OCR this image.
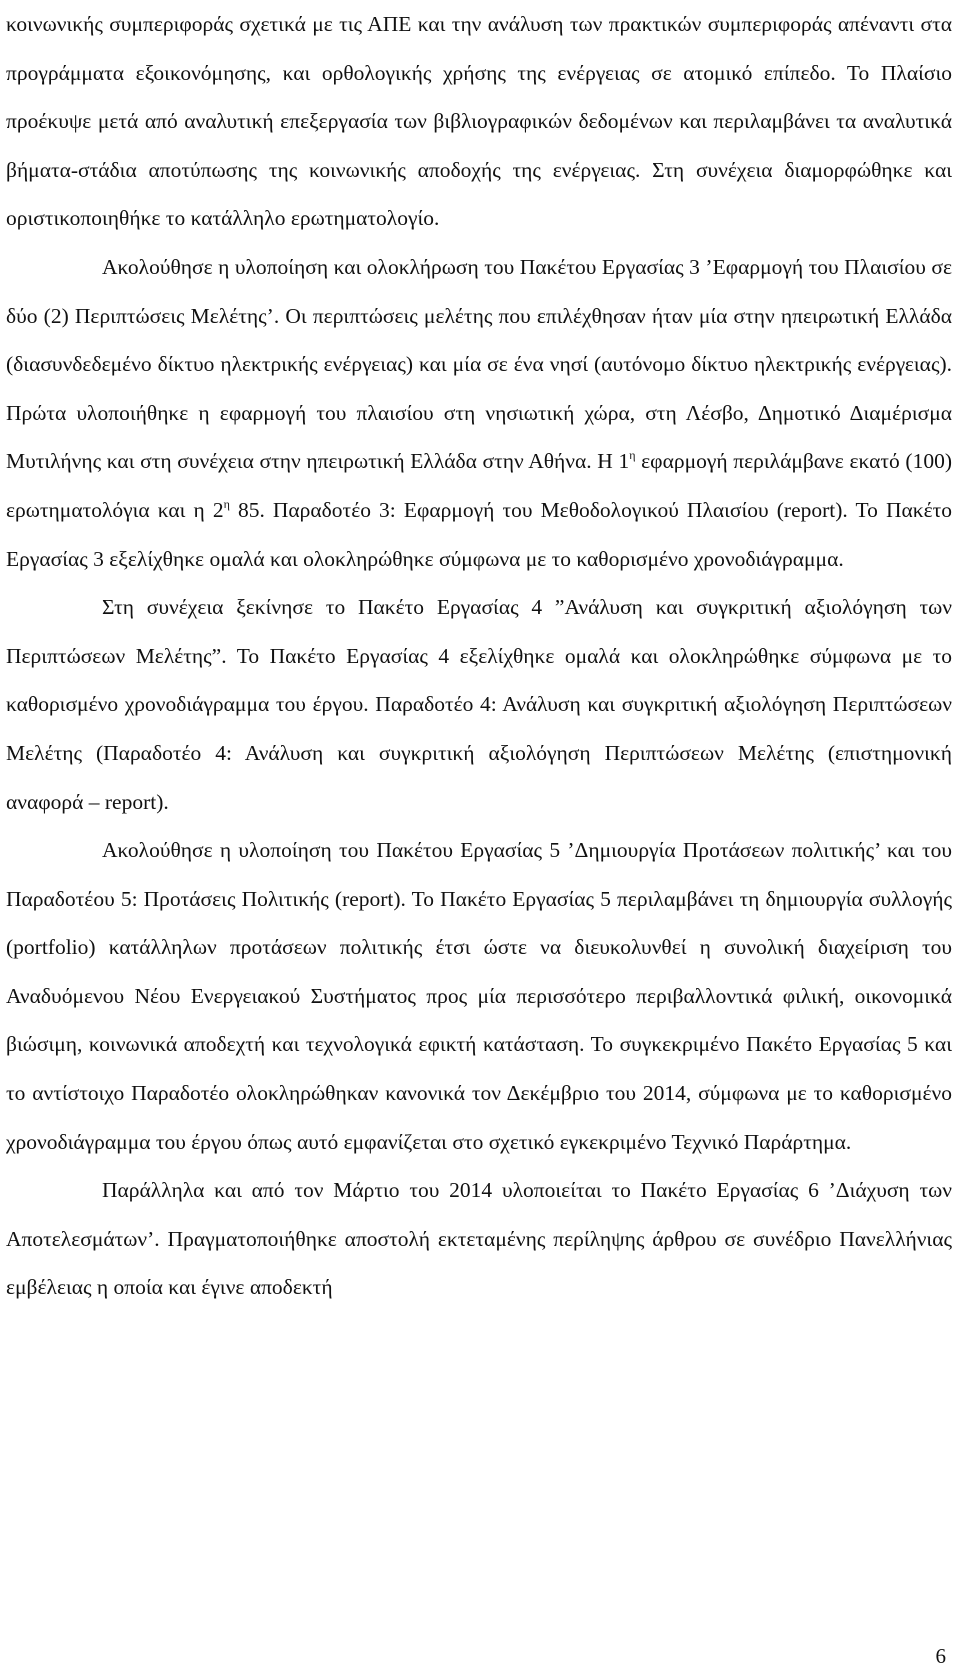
κοινωνικής συμπεριφοράς σχετικά με τις ΑΠΕ και την ανάλυση των πρακτικών συμπεριφοράς απέναντι στα προγράμματα εξοικονόμησης, και ορθολογικής χρήσης της ενέργειας σε ατομικό επίπεδο. Το Πλαίσιο προέκυψε μετά από αναλυτική επεξεργασία των βιβλιογραφικών δεδομένων και περιλαμβάνει τα αναλυτικά βήματα-στάδια αποτύπωσης της κοινωνικής αποδοχής της ενέργειας. Στη συνέχεια διαμορφώθηκε και οριστικοποιηθήκε το κατάλληλο ερωτηματολογίο.

Ακολούθησε η υλοποίηση και ολοκλήρωση του Πακέτου Εργασίας 3 ’Εφαρμογή του Πλαισίου σε δύο (2) Περιπτώσεις Μελέτης’. Οι περιπτώσεις μελέτης που επιλέχθησαν ήταν μία στην ηπειρωτική Ελλάδα (διασυνδεδεμένο δίκτυο ηλεκτρικής ενέργειας) και μία σε ένα νησί (αυτόνομο δίκτυο ηλεκτρικής ενέργειας). Πρώτα υλοποιήθηκε η εφαρμογή του πλαισίου στη νησιωτική χώρα, στη Λέσβο, Δημοτικό Διαμέρισμα Μυτιλήνης και στη συνέχεια στην ηπειρωτική Ελλάδα στην Αθήνα. Η $1^\eta$ εφαρμογή περιλάμβανε εκατό (100) ερωτηματολόγια και η $2^\eta$ 85. Παραδοτέο 3: Εφαρμογή του Μεθοδολογικού Πλαισίου (report). Το Πακέτο Εργασίας 3 εξελίχθηκε ομαλά και ολοκληρώθηκε σύμφωνα με το καθορισμένο χρονοδιάγραμμα.

Στη συνέχεια ξεκίνησε το Πακέτο Εργασίας 4 ”Ανάλυση και συγκριτική αξιολόγηση των Περιπτώσεων Μελέτης”. Το Πακέτο Εργασίας 4 εξελίχθηκε ομαλά και ολοκληρώθηκε σύμφωνα με το καθορισμένο χρονοδιάγραμμα του έργου. Παραδοτέο 4: Ανάλυση και συγκριτική αξιολόγηση Περιπτώσεων Μελέτης (Παραδοτέο 4: Ανάλυση και συγκριτική αξιολόγηση Περιπτώσεων Μελέτης (επιστημονική αναφορά – report).

Ακολούθησε η υλοποίηση του Πακέτου Εργασίας 5 ’Δημιουργία Προτάσεων πολιτικής’ και του Παραδοτέου 5: Προτάσεις Πολιτικής (report). Το Πακέτο Εργασίας 5 περιλαμβάνει τη δημιουργία συλλογής (portfolio) κατάλληλων προτάσεων πολιτικής έτσι ώστε να διευκολυνθεί η συνολική διαχείριση του Αναδυόμενου Νέου Ενεργειακού Συστήματος προς μία περισσότερο περιβαλλοντικά φιλική, οικονομικά βιώσιμη, κοινωνικά αποδεχτή και τεχνολογικά εφικτή κατάσταση. Το συγκεκριμένο Πακέτο Εργασίας 5 και το αντίστοιχο Παραδοτέο ολοκληρώθηκαν κανονικά τον Δεκέμβριο του 2014, σύμφωνα με το καθορισμένο χρονοδιάγραμμα του έργου όπως αυτό εμφανίζεται στο σχετικό εγκεκριμένο Τεχνικό Παράρτημα.

Παράλληλα και από τον Μάρτιο του 2014 υλοποιείται το Πακέτο Εργασίας 6 ’Διάχυση των Αποτελεσμάτων’. Πραγματοποιήθηκε αποστολή εκτεταμένης περίληψης άρθρου σε συνέδριο Πανελλήνιας εμβέλειας η οποία και έγινε αποδεκτή

6
